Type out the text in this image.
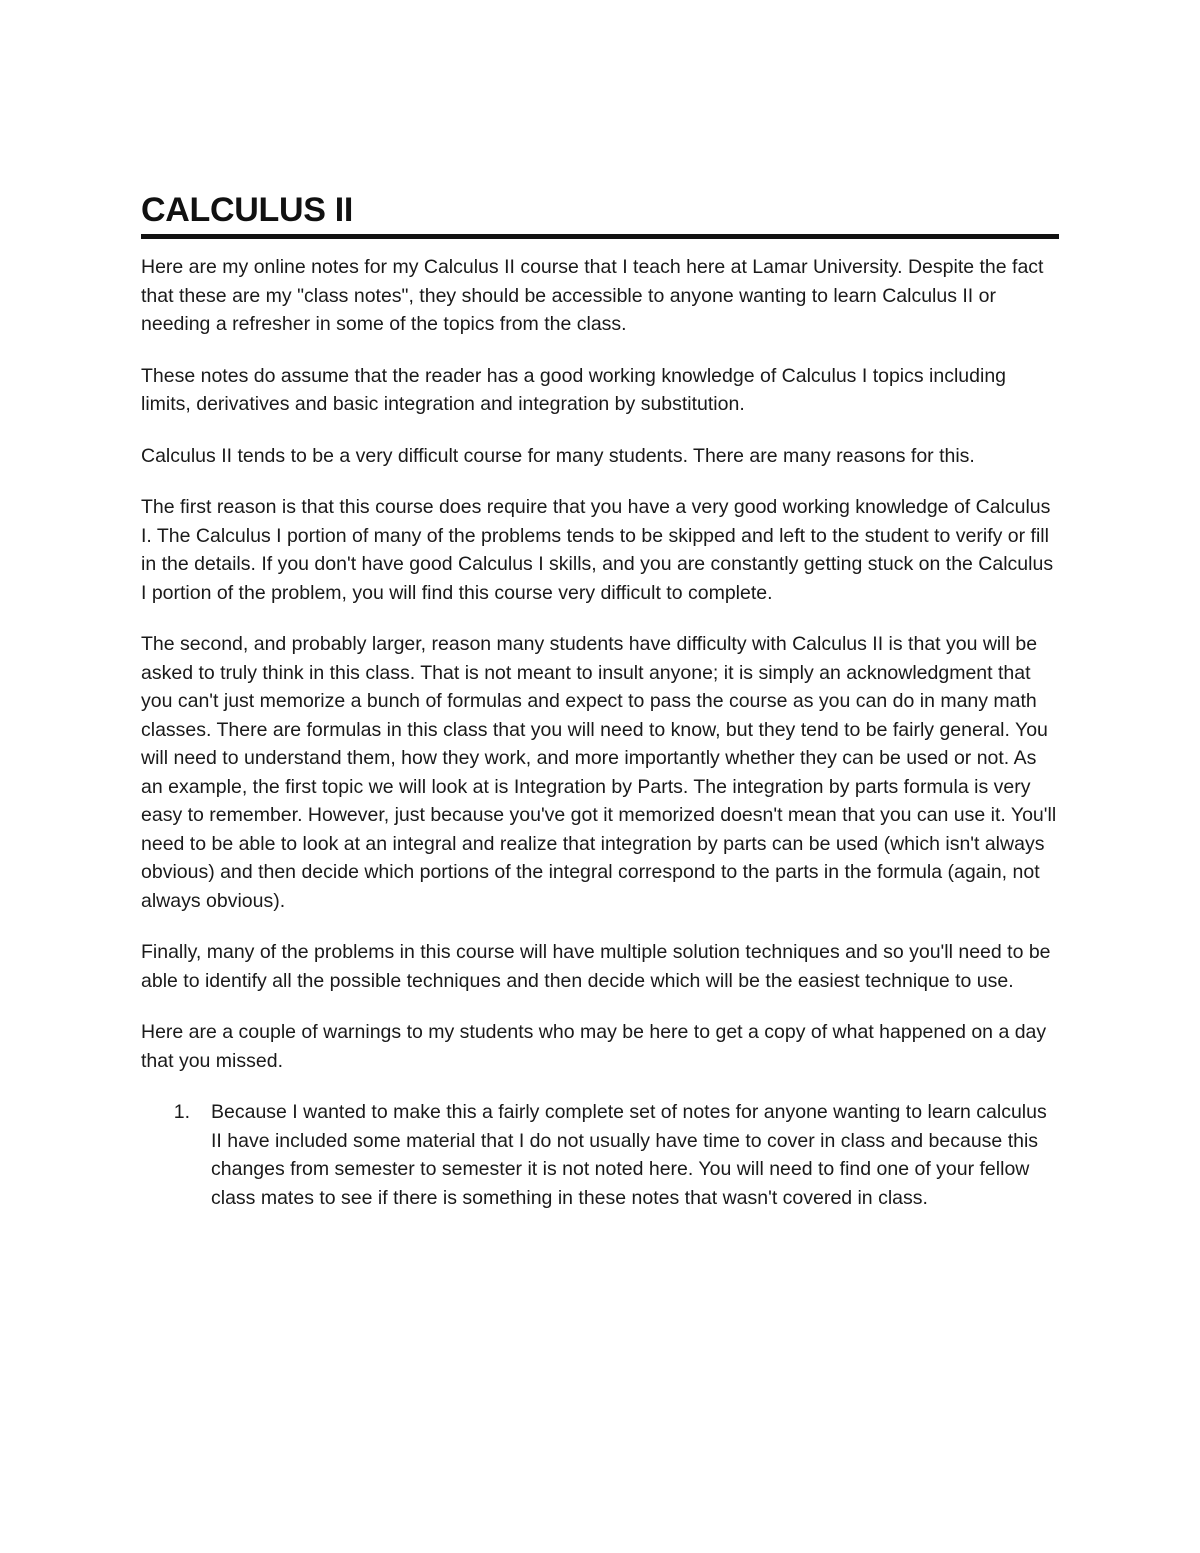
CALCULUS II

Here are my online notes for my Calculus II course that I teach here at Lamar University. Despite the fact that these are my "class notes", they should be accessible to anyone wanting to learn Calculus II or needing a refresher in some of the topics from the class.

These notes do assume that the reader has a good working knowledge of Calculus I topics including limits, derivatives and basic integration and integration by substitution.

Calculus II tends to be a very difficult course for many students. There are many reasons for this.

The first reason is that this course does require that you have a very good working knowledge of Calculus I. The Calculus I portion of many of the problems tends to be skipped and left to the student to verify or fill in the details. If you don't have good Calculus I skills, and you are constantly getting stuck on the Calculus I portion of the problem, you will find this course very difficult to complete.

The second, and probably larger, reason many students have difficulty with Calculus II is that you will be asked to truly think in this class. That is not meant to insult anyone; it is simply an acknowledgment that you can't just memorize a bunch of formulas and expect to pass the course as you can do in many math classes. There are formulas in this class that you will need to know, but they tend to be fairly general. You will need to understand them, how they work, and more importantly whether they can be used or not. As an example, the first topic we will look at is Integration by Parts. The integration by parts formula is very easy to remember. However, just because you've got it memorized doesn't mean that you can use it. You'll need to be able to look at an integral and realize that integration by parts can be used (which isn't always obvious) and then decide which portions of the integral correspond to the parts in the formula (again, not always obvious).

Finally, many of the problems in this course will have multiple solution techniques and so you'll need to be able to identify all the possible techniques and then decide which will be the easiest technique to use.

Here are a couple of warnings to my students who may be here to get a copy of what happened on a day that you missed.

1.	Because I wanted to make this a fairly complete set of notes for anyone wanting to learn calculus II have included some material that I do not usually have time to cover in class and because this changes from semester to semester it is not noted here. You will need to find one of your fellow class mates to see if there is something in these notes that wasn't covered in class.
